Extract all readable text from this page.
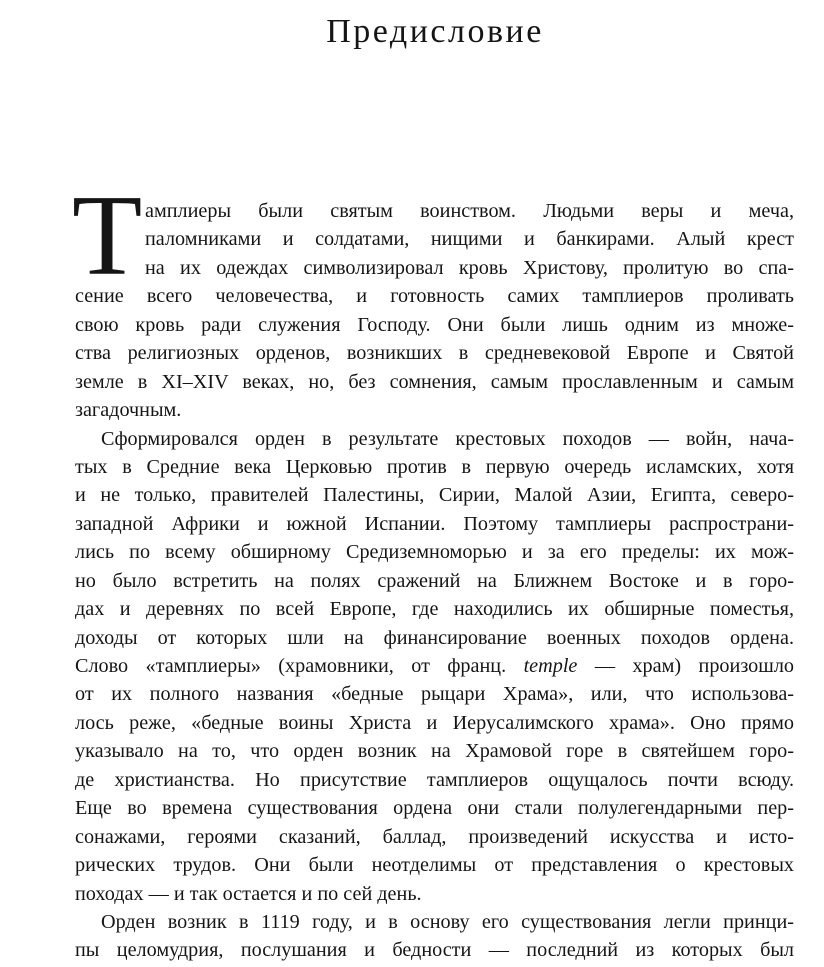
Предисловие
Т амплиеры были святым воинством. Людьми веры и меча,
паломниками и солдатами, нищими и банкирами. Алый крест
на их одеждах символизировал кровь Христову, пролитую во спа-
сение всего человечества, и готовность самих тамплиеров проливать
свою кровь ради служения Господу. Они были лишь одним из множе-
ства религиозных орденов, возникших в средневековой Европе и Святой
земле в XI–XIV веках, но, без сомнения, самым прославленным и самым
загадочным.
Сформировался орден в результате крестовых походов — войн, нача-
тых в Средние века Церковью против в первую очередь исламских, хотя
и не только, правителей Палестины, Сирии, Малой Азии, Египта, северо-
западной Африки и южной Испании. Поэтому тамплиеры распространи-
лись по всему обширному Средиземноморью и за его пределы: их мож-
но было встретить на полях сражений на Ближнем Востоке и в горо-
дах и деревнях по всей Европе, где находились их обширные поместья,
доходы от которых шли на финансирование военных походов ордена.
Слово «тамплиеры» (храмовники, от франц. temple — храм) произошло
от их полного названия «бедные рыцари Храма», или, что использова-
лось реже, «бедные воины Христа и Иерусалимского храма». Оно прямо
указывало на то, что орден возник на Храмовой горе в святейшем горо-
де христианства. Но присутствие тамплиеров ощущалось почти всюду.
Еще во времена существования ордена они стали полулегендарными пер-
сонажами, героями сказаний, баллад, произведений искусства и исто-
рических трудов. Они были неотделимы от представления о крестовых
походах — и так остается и по сей день.
Орден возник в 1119 году, и в основу его существования легли принци-
пы целомудрия, послушания и бедности — последний из которых был
